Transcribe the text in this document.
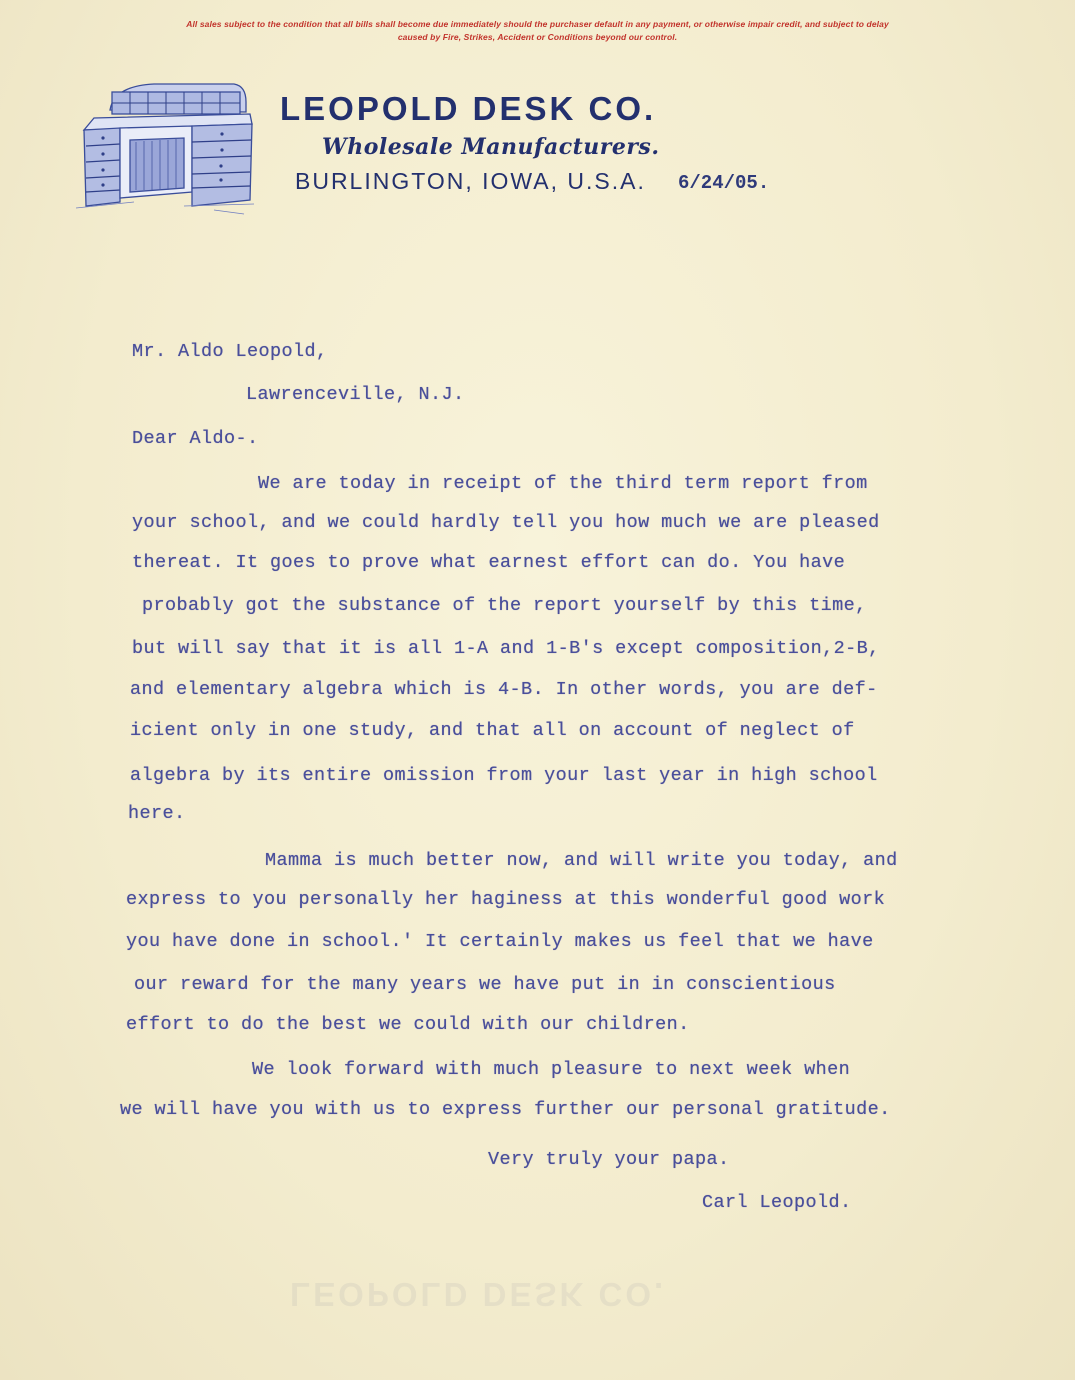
All sales subject to the condition that all bills shall become due immediately should the purchaser default in any payment, or otherwise impair credit, and subject to delay
caused by Fire, Strikes, Accident or Conditions beyond our control.
LEOPOLD DESK CO.
Wholesale Manufacturers.
BURLINGTON, IOWA, U.S.A. 6/24/05.
Mr. Aldo Leopold,
Lawrenceville, N.J.
Dear Aldo-.
We are today in receipt of the third term report from
your school, and we could hardly tell you how much we are pleased
thereat. It goes to prove what earnest effort can do. You have
probably got the substance of the report yourself by this time,
but will say that it is all 1-A and 1-B's except composition,2-B,
and elementary algebra which is 4-B. In other words, you are def-
icient only in one study, and that all on account of neglect of
algebra by its entire omission from your last year in high school
here.
Mamma is much better now, and will write you today, and
express to you personally her haginess at this wonderful good work
you have done in school.' It certainly makes us feel that we have
our reward for the many years we have put in in conscientious
effort to do the best we could with our children.
We look forward with much pleasure to next week when
we will have you with us to express further our personal gratitude.
Very truly your papa.
Carl Leopold.
LEOPOLD DESK CO.
